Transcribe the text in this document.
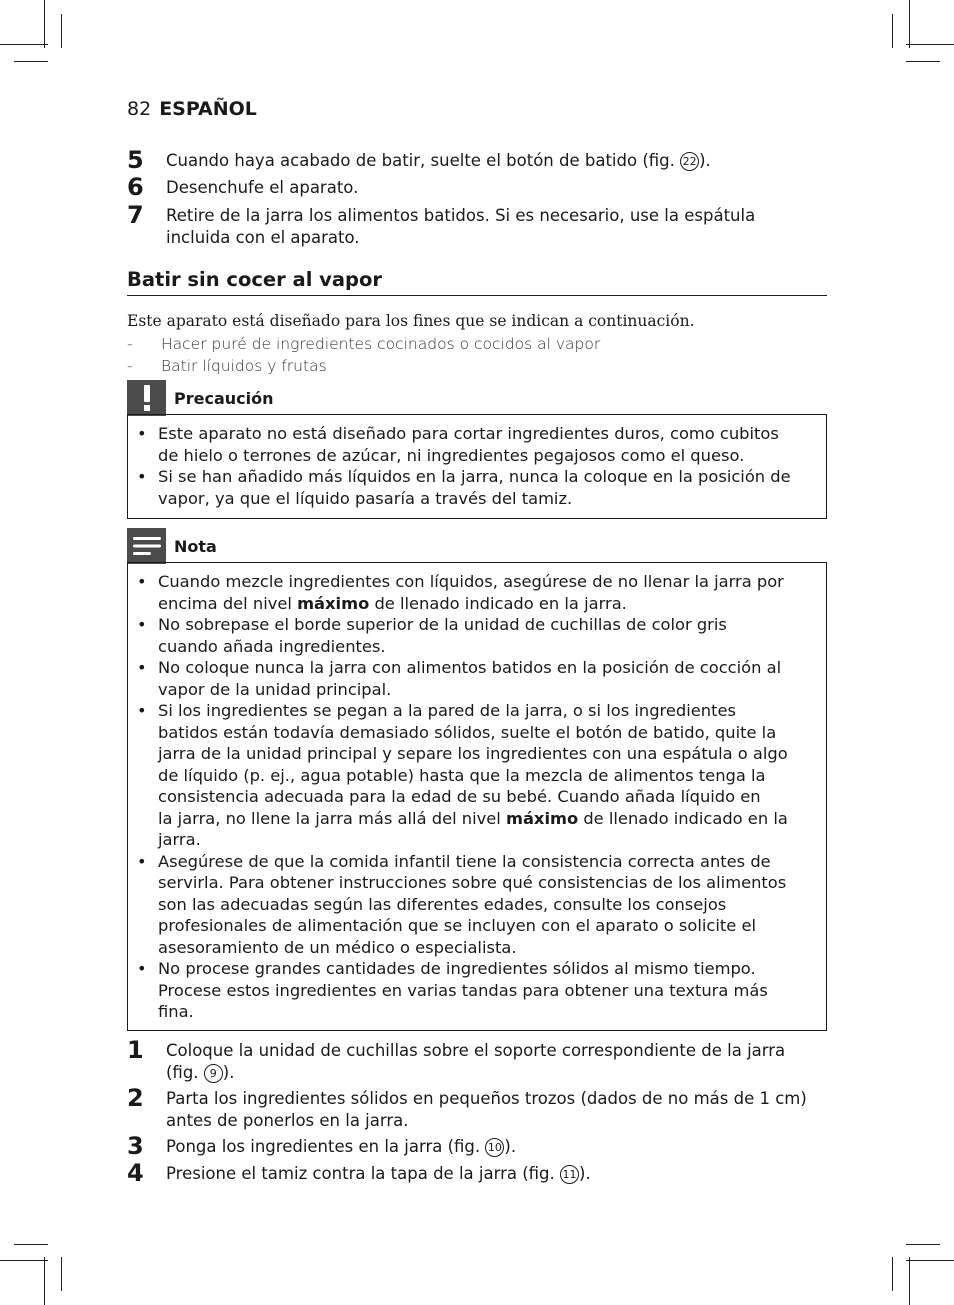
82 ESPAÑOL
5 Cuando haya acabado de batir, suelte el botón de batido (fig. 22 ).
6 Desenchufe el aparato.
7 Retire de la jarra los alimentos batidos. Si es necesario, use la espátula
incluida con el aparato.
Batir sin cocer al vapor
Este aparato está diseñado para los fines que se indican a continuación.
- Hacer puré de ingredientes cocinados o cocidos al vapor
- Batir líquidos y frutas
Precaución
• Este aparato no está diseñado para cortar ingredientes duros, como cubitos
de hielo o terrones de azúcar, ni ingredientes pegajosos como el queso.
• Si se han añadido más líquidos en la jarra, nunca la coloque en la posición de
vapor, ya que el líquido pasaría a través del tamiz.
Nota
• Cuando mezcle ingredientes con líquidos, asegúrese de no llenar la jarra por
encima del nivel máximo de llenado indicado en la jarra.
• No sobrepase el borde superior de la unidad de cuchillas de color gris
cuando añada ingredientes.
• No coloque nunca la jarra con alimentos batidos en la posición de cocción al
vapor de la unidad principal.
• Si los ingredientes se pegan a la pared de la jarra, o si los ingredientes
batidos están todavía demasiado sólidos, suelte el botón de batido, quite la
jarra de la unidad principal y separe los ingredientes con una espátula o algo
de líquido (p. ej., agua potable) hasta que la mezcla de alimentos tenga la
consistencia adecuada para la edad de su bebé. Cuando añada líquido en
la jarra, no llene la jarra más allá del nivel máximo de llenado indicado en la
jarra.
• Asegúrese de que la comida infantil tiene la consistencia correcta antes de
servirla. Para obtener instrucciones sobre qué consistencias de los alimentos
son las adecuadas según las diferentes edades, consulte los consejos
profesionales de alimentación que se incluyen con el aparato o solicite el
asesoramiento de un médico o especialista.
• No procese grandes cantidades de ingredientes sólidos al mismo tiempo.
Procese estos ingredientes en varias tandas para obtener una textura más
fina.
1 Coloque la unidad de cuchillas sobre el soporte correspondiente de la jarra
(fig. 9 ).
2 Parta los ingredientes sólidos en pequeños trozos (dados de no más de 1 cm)
antes de ponerlos en la jarra.
3 Ponga los ingredientes en la jarra (fig. 10 ).
4 Presione el tamiz contra la tapa de la jarra (fig. 11 ).
